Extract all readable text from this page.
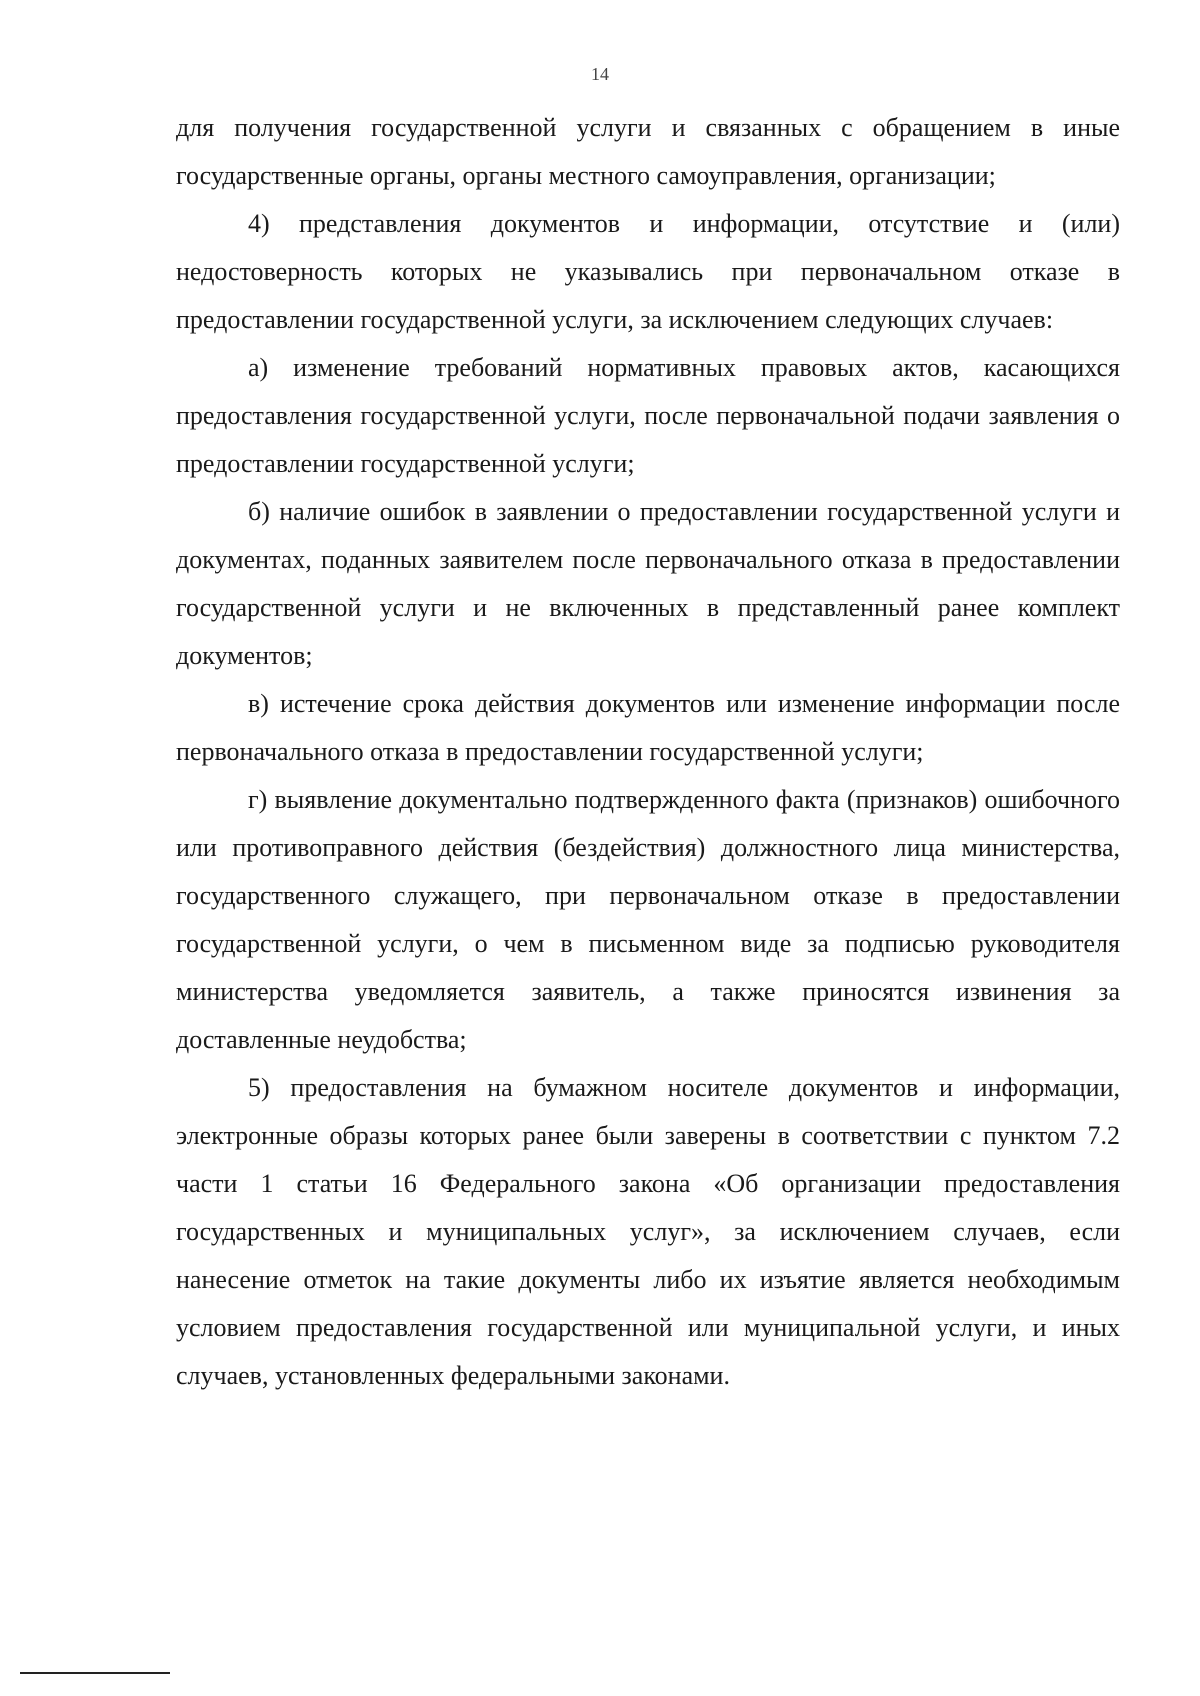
14

для получения государственной услуги и связанных с обращением в иные государственные органы, органы местного самоуправления, организации;

4) представления документов и информации, отсутствие и (или) недостоверность которых не указывались при первоначальном отказе в предоставлении государственной услуги, за исключением следующих случаев:

а) изменение требований нормативных правовых актов, касающихся предоставления государственной услуги, после первоначальной подачи заявления о предоставлении государственной услуги;

б) наличие ошибок в заявлении о предоставлении государственной услуги и документах, поданных заявителем после первоначального отказа в предоставлении государственной услуги и не включенных в представленный ранее комплект документов;

в) истечение срока действия документов или изменение информации после первоначального отказа в предоставлении государственной услуги;

г) выявление документально подтвержденного факта (признаков) ошибочного или противоправного действия (бездействия) должностного лица министерства, государственного служащего, при первоначальном отказе в предоставлении государственной услуги, о чем в письменном виде за подписью руководителя министерства уведомляется заявитель, а также приносятся извинения за доставленные неудобства;

5) предоставления на бумажном носителе документов и информации, электронные образы которых ранее были заверены в соответствии с пунктом 7.2 части 1 статьи 16 Федерального закона «Об организации предоставления государственных и муниципальных услуг», за исключением случаев, если нанесение отметок на такие документы либо их изъятие является необходимым условием предоставления государственной или муниципальной услуги, и иных случаев, установленных федеральными законами.
